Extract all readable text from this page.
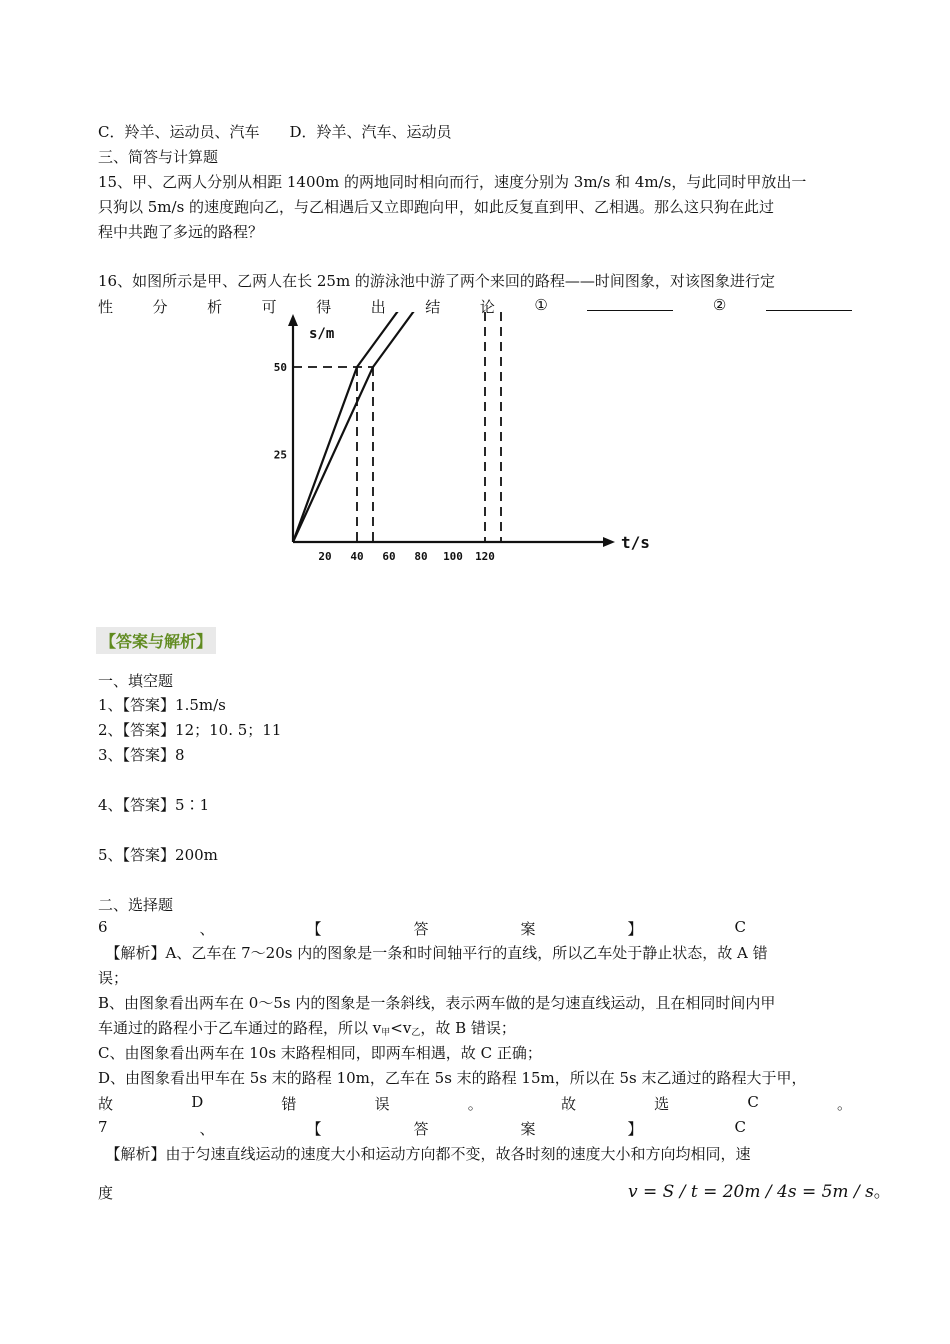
C．羚羊、运动员、汽车　　D．羚羊、汽车、运动员
三、简答与计算题
15、甲、乙两人分别从相距 1400m 的两地同时相向而行，速度分别为 3m/s 和 4m/s，与此同时甲放出一
只狗以 5m/s 的速度跑向乙，与乙相遇后又立即跑向甲，如此反复直到甲、乙相遇。那么这只狗在此过
程中共跑了多远的路程？
16、如图所示是甲、乙两人在长 25m 的游泳池中游了两个来回的路程——时间图象，对该图象进行定
性	分	析	可	得	出	结	论	①	②
20 40 60 80 100 120
25
50
s/m
t/s
【答案与解析】
一、填空题
1、【答案】1.5m/s
2、【答案】12；10. 5；11
3、【答案】8
4、【答案】5∶1
5、【答案】200m
二、选择题
6	、	【	答	案	】	C
　【解析】A、乙车在 7～20s 内的图象是一条和时间轴平行的直线，所以乙车处于静止状态，故 A 错
误；
B、由图象看出两车在 0～5s 内的图象是一条斜线，表示两车做的是匀速直线运动，且在相同时间内甲
车通过的路程小于乙车通过的路程，所以 $v_甲<v_乙$，故 B 错误；
C、由图象看出两车在 10s 末路程相同，即两车相遇，故 C 正确；
D、由图象看出甲车在 5s 末的路程 10m，乙车在 5s 末的路程 15m，所以在 5s 末乙通过的路程大于甲，
故	D	错	误	。	故	选	C	。
7	、	【	答	案	】	C
　【解析】由于匀速直线运动的速度大小和运动方向都不变，故各时刻的速度大小和方向均相同，速
度	v = S / t = 20m / 4s = 5m / s。
